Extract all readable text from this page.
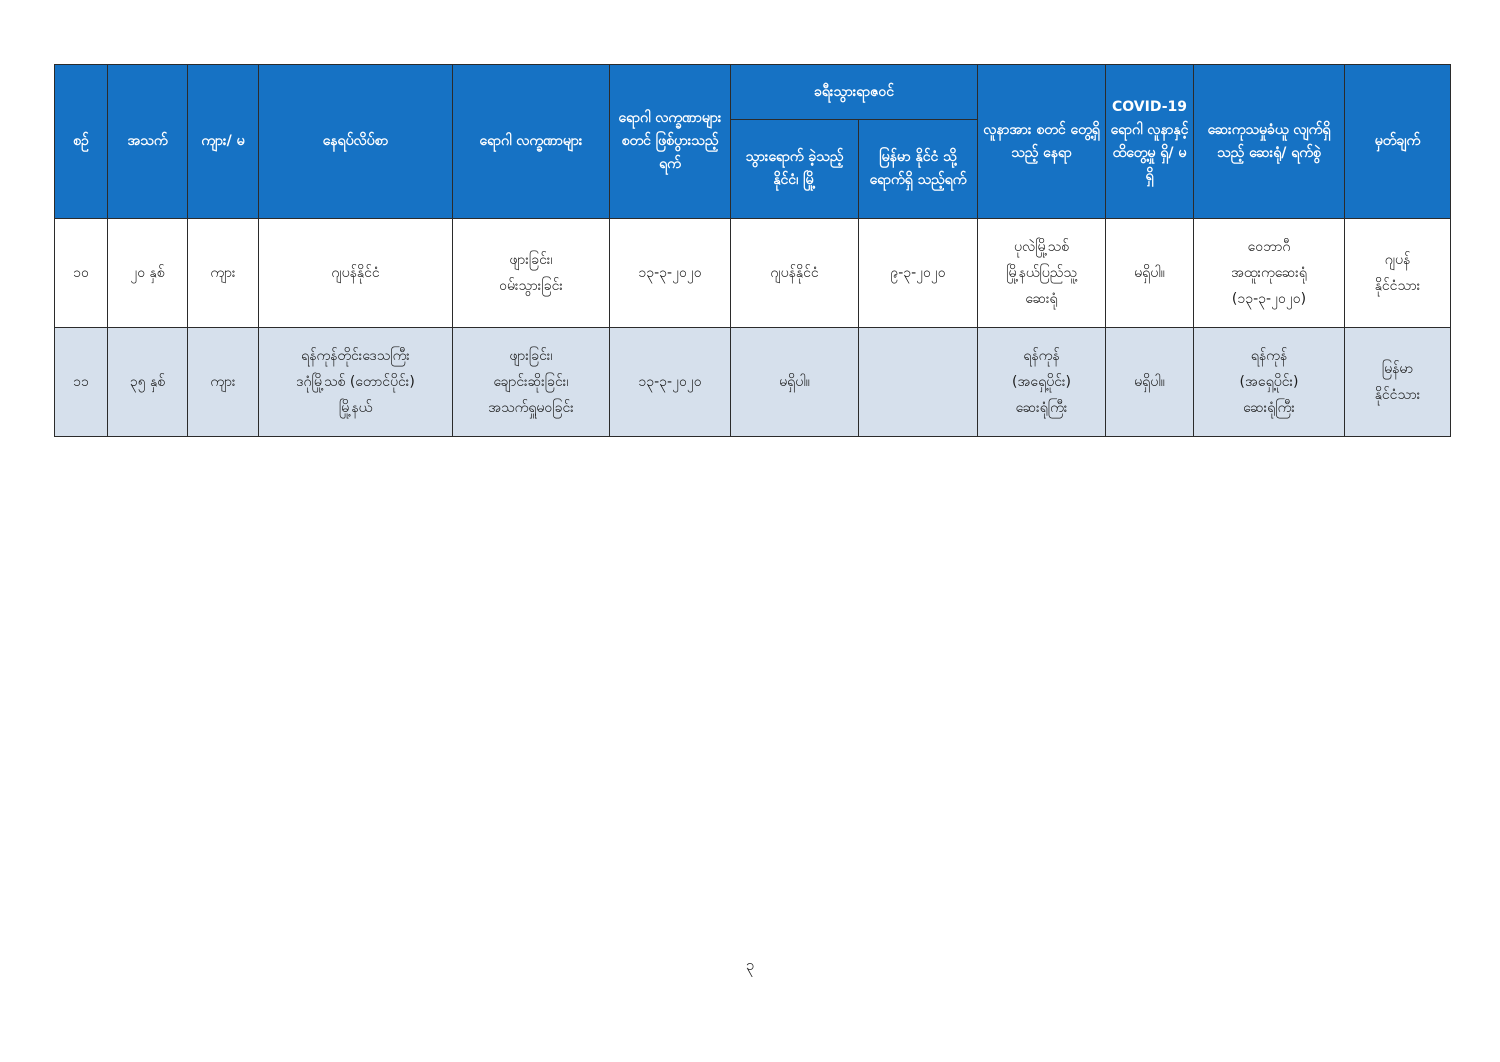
စဉ်	အသက်	ကျား/ မ	နေရပ်လိပ်စာ	ရောဂါ လက္ခဏာများ	ရောဂါ လက္ခဏာများ စတင် ဖြစ်ပွားသည့် ရက်	ခရီးသွားရာဇဝင်		လူနာအား စတင် တွေ့ရှိသည့် နေရာ	COVID-19 ရောဂါ လူနာနှင့် ထိတွေ့မှု ရှိ/ မရှိ	ဆေးကုသမှုခံယူ လျက်ရှိသည့် ဆေးရုံ/ ရက်စွဲ	မှတ်ချက်
						သွားရောက် ခဲ့သည့် နိုင်ငံ၊ မြို့	မြန်မာ နိုင်ငံ သို့ ရောက်ရှိ သည့်ရက်				
၁၀	၂၀ နှစ်	ကျား	ဂျပန်နိုင်ငံ	ဖျားခြင်း၊
ဝမ်းသွားခြင်း	၁၃-၃-၂၀၂၀	ဂျပန်နိုင်ငံ	၉-၃-၂၀၂၀	ပုလဲမြို့သစ်
မြို့နယ်ပြည်သူ့
ဆေးရုံ	မရှိပါ။	ဝေဘာဂီ
အထူးကုဆေးရုံ
(၁၃-၃-၂၀၂၀)	ဂျပန်
နိုင်ငံသား

၁၁	၃၅ နှစ်	ကျား	ရန်ကုန်တိုင်းဒေသကြီး
ဒဂုံမြို့သစ် (တောင်ပိုင်း)
မြို့နယ်	ဖျားခြင်း၊
ချောင်းဆိုးခြင်း၊
အသက်ရှူမဝခြင်း	၁၃-၃-၂၀၂၀	မရှိပါ။		ရန်ကုန်
(အရှေ့ပိုင်း)
ဆေးရုံကြီး	မရှိပါ။	ရန်ကုန်
(အရှေ့ပိုင်း)
ဆေးရုံကြီး	မြန်မာ
နိုင်ငံသား
၃
